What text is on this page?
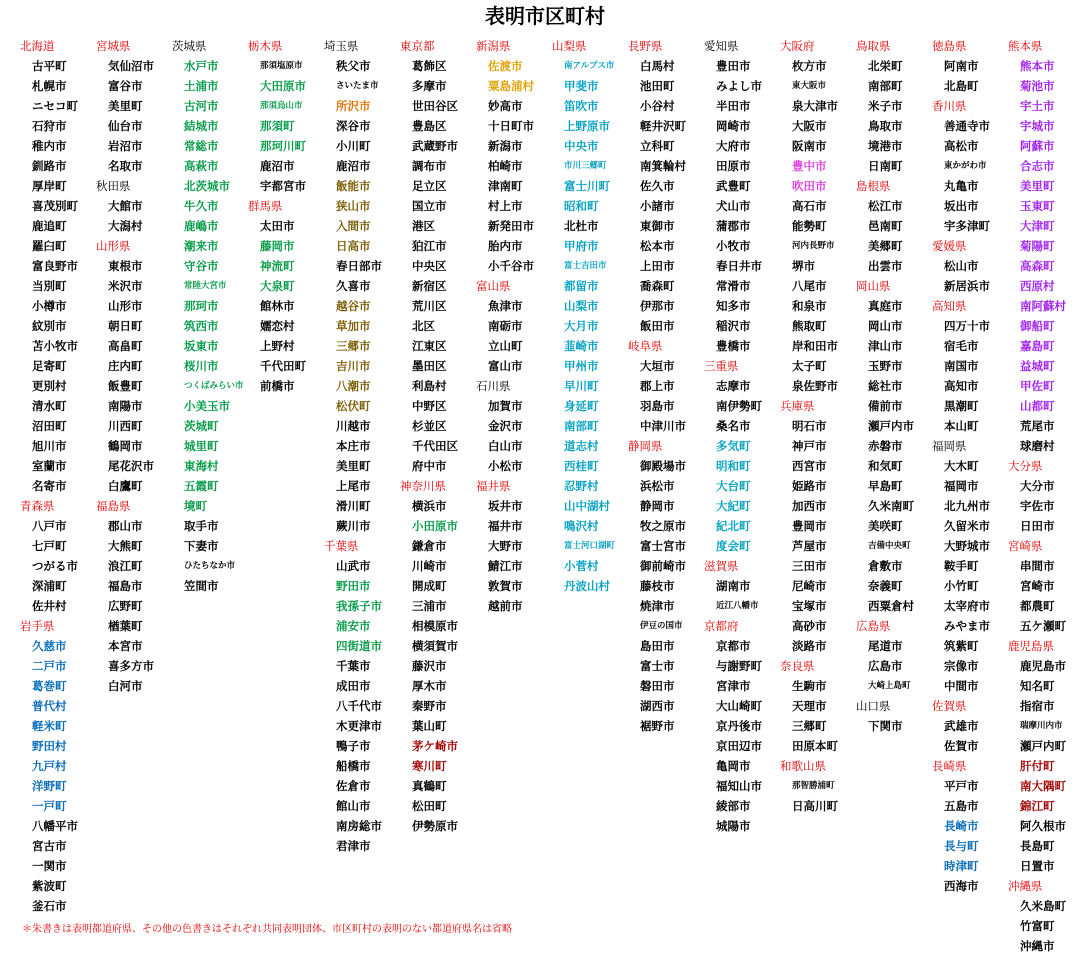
表明市区町村
北海道
古平町
札幌市
ニセコ町
石狩市
稚内市
釧路市
厚岸町
喜茂別町
鹿追町
羅臼町
富良野市
当別町
小樽市
紋別市
苫小牧市
足寄町
更別村
清水町
沼田町
旭川市
室蘭市
名寄市
青森県
八戸市
七戸町
つがる市
深浦町
佐井村
岩手県
久慈市
二戸市
葛巻町
普代村
軽米町
野田村
九戸村
洋野町
一戸町
八幡平市
宮古市
一関市
紫波町
釜石市
宮城県
気仙沼市
富谷市
美里町
仙台市
岩沼市
名取市
秋田県
大館市
大潟村
山形県
東根市
米沢市
山形市
朝日町
高畠町
庄内町
飯豊町
南陽市
川西町
鶴岡市
尾花沢市
白鷹町
福島県
郡山市
大熊町
浪江町
福島市
広野町
楢葉町
本宮市
喜多方市
白河市
茨城県
水戸市
土浦市
古河市
結城市
常総市
高萩市
北茨城市
牛久市
鹿嶋市
潮来市
守谷市
常陸大宮市
那珂市
筑西市
坂東市
桜川市
つくばみらい市
小美玉市
茨城町
城里町
東海村
五霞町
境町
取手市
下妻市
ひたちなか市
笠間市
栃木県
那須塩原市
大田原市
那須烏山市
那須町
那珂川町
鹿沼市
宇都宮市
群馬県
太田市
藤岡市
神流町
大泉町
館林市
嬬恋村
上野村
千代田町
前橋市
埼玉県
秩父市
さいたま市
所沢市
深谷市
小川町
鹿沼市
飯能市
狭山市
入間市
日高市
春日部市
久喜市
越谷市
草加市
三郷市
吉川市
八潮市
松伏町
川越市
本庄市
美里町
上尾市
滑川町
蕨川市
千葉県
山武市
野田市
我孫子市
浦安市
四街道市
千葉市
成田市
八千代市
木更津市
鴨子市
船橋市
佐倉市
館山市
南房総市
君津市
東京都
葛飾区
多摩市
世田谷区
豊島区
武蔵野市
調布市
足立区
国立市
港区
狛江市
中央区
新宿区
荒川区
北区
江東区
墨田区
利島村
中野区
杉並区
千代田区
府中市
神奈川県
横浜市
小田原市
鎌倉市
川崎市
開成町
三浦市
相模原市
横須賀市
藤沢市
厚木市
秦野市
葉山町
茅ケ崎市
寒川町
真鶴町
松田町
伊勢原市
新潟県
佐渡市
粟島浦村
妙高市
十日町市
新潟市
柏崎市
津南町
村上市
新発田市
胎内市
小千谷市
富山県
魚津市
南砺市
立山町
富山市
石川県
加賀市
金沢市
白山市
小松市
福井県
坂井市
福井市
大野市
鯖江市
敦賀市
越前市
山梨県
南アルプス市
甲斐市
笛吹市
上野原市
中央市
市川三郷町
富士川町
昭和町
北杜市
甲府市
富士吉田市
都留市
山梨市
大月市
韮崎市
甲州市
早川町
身延町
南部町
道志村
西桂町
忍野村
山中湖村
鳴沢村
富士河口湖町
小菅村
丹波山村
長野県
白馬村
池田町
小谷村
軽井沢町
立科町
南箕輪村
佐久市
小諸市
東御市
松本市
上田市
喬森町
伊那市
飯田市
岐阜県
大垣市
郡上市
羽島市
中津川市
静岡県
御殿場市
浜松市
静岡市
牧之原市
富士宮市
御前崎市
藤枝市
焼津市
伊豆の国市
島田市
富士市
磐田市
湖西市
裾野市
愛知県
豊田市
みよし市
半田市
岡崎市
大府市
田原市
武豊町
犬山市
蒲郡市
小牧市
春日井市
常滑市
知多市
稲沢市
豊橋市
三重県
志摩市
南伊勢町
桑名市
多気町
明和町
大台町
大紀町
紀北町
度会町
滋賀県
湖南市
近江八幡市
京都府
京都市
与謝野町
宮津市
大山崎町
京丹後市
京田辺市
亀岡市
福知山市
綾部市
城陽市
大阪府
枚方市
東大阪市
泉大津市
大阪市
阪南市
豊中市
吹田市
高石市
能勢町
河内長野市
堺市
八尾市
和泉市
熊取町
岸和田市
太子町
泉佐野市
兵庫県
明石市
神戸市
西宮市
姫路市
加西市
豊岡市
芦屋市
三田市
尼崎市
宝塚市
高砂市
淡路市
奈良県
生駒市
天理市
三郷町
田原本町
和歌山県
那智勝浦町
日高川町
鳥取県
北栄町
南部町
米子市
鳥取市
境港市
日南町
島根県
松江市
邑南町
美郷町
出雲市
岡山県
真庭市
岡山市
津山市
玉野市
総社市
備前市
瀬戸内市
赤磐市
和気町
早島町
久米南町
美咲町
吉備中央町
倉敷市
奈義町
西粟倉村
広島県
尾道市
広島市
大崎上島町
山口県
下関市
徳島県
阿南市
北島町
香川県
善通寺市
高松市
東かがわ市
丸亀市
坂出市
宇多津町
愛媛県
松山市
新居浜市
高知県
四万十市
宿毛市
南国市
高知市
黒潮町
本山町
福岡県
大木町
福岡市
北九州市
久留米市
大野城市
鞍手町
小竹町
太宰府市
みやま市
筑紫町
宗像市
中間市
佐賀県
武雄市
佐賀市
長崎県
平戸市
五島市
長崎市
長与町
時津町
西海市
熊本県
熊本市
菊池市
宇土市
宇城市
阿蘇市
合志市
美里町
玉東町
大津町
菊陽町
高森町
西原村
南阿蘇村
御船町
嘉島町
益城町
甲佐町
山都町
荒尾市
球磨村
大分県
大分市
宇佐市
日田市
宮崎県
串間市
宮崎市
都農町
五ケ瀬町
鹿児島県
鹿児島市
知名町
指宿市
瑞摩川内市
瀬戸内町
肝付町
南大隅町
錦江町
阿久根市
長島町
日置市
沖縄県
久米島町
竹富町
沖縄市
＊朱書きは表明都道府県、その他の色書きはそれぞれ共同表明団体、市区町村の表明のない都道府県名は省略
